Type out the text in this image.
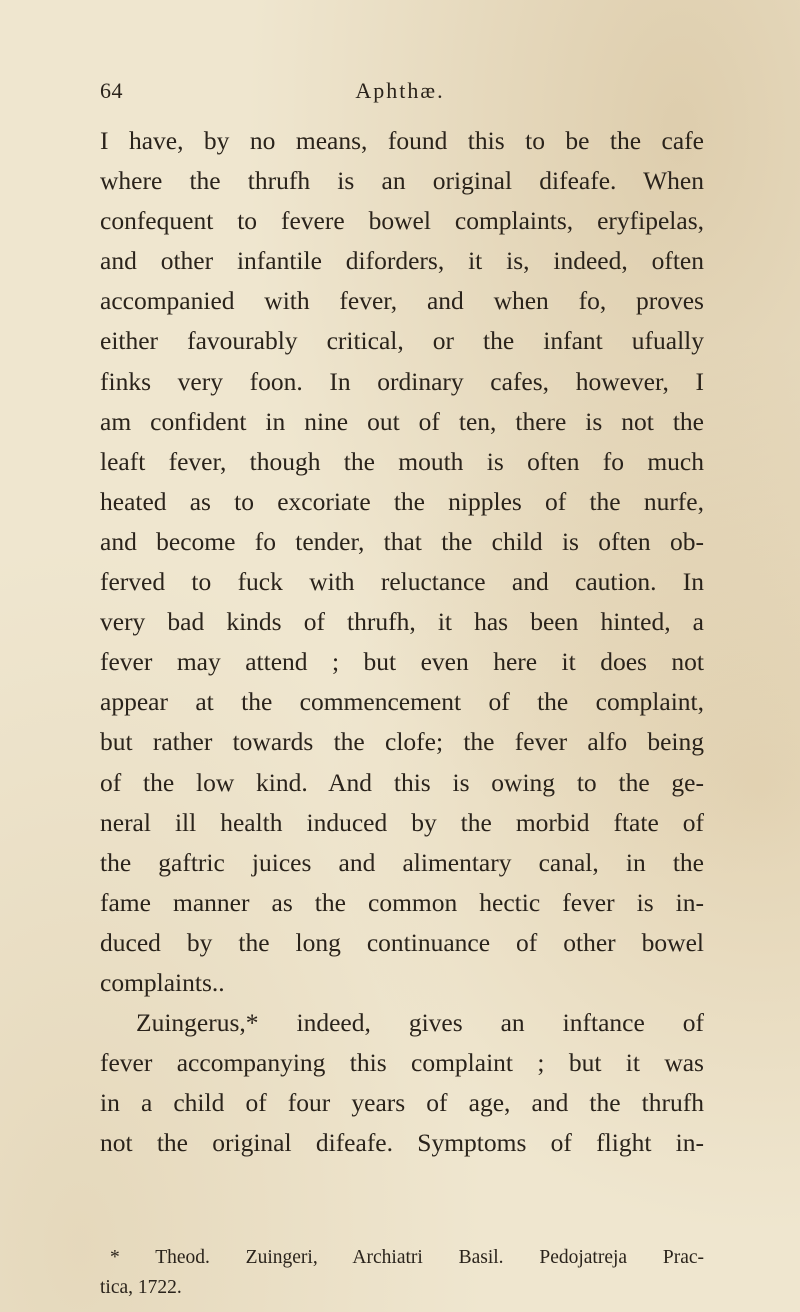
64	Aphthæ.
I have, by no means, found this to be the cafe
where the thrufh is an original difeafe. When
confequent to fevere bowel complaints, eryfipelas,
and other infantile diforders, it is, indeed, often
accompanied with fever, and when fo, proves
either favourably critical, or the infant ufually
finks very foon. In ordinary cafes, however, I
am confident in nine out of ten, there is not the
leaft fever, though the mouth is often fo much
heated as to excoriate the nipples of the nurfe,
and become fo tender, that the child is often ob-
ferved to fuck with reluctance and caution. In
very bad kinds of thrufh, it has been hinted, a
fever may attend ; but even here it does not
appear at the commencement of the complaint,
but rather towards the clofe; the fever alfo being
of the low kind. And this is owing to the ge-
neral ill health induced by the morbid ftate of
the gaftric juices and alimentary canal, in the
fame manner as the common hectic fever is in-
duced by the long continuance of other bowel
complaints..
Zuingerus,* indeed, gives an inftance of
fever accompanying this complaint ; but it was
in a child of four years of age, and the thrufh
not the original difeafe. Symptoms of flight in-
* Theod. Zuingeri, Archiatri Basil. Pedojatreja Prac-
tica, 1722.
